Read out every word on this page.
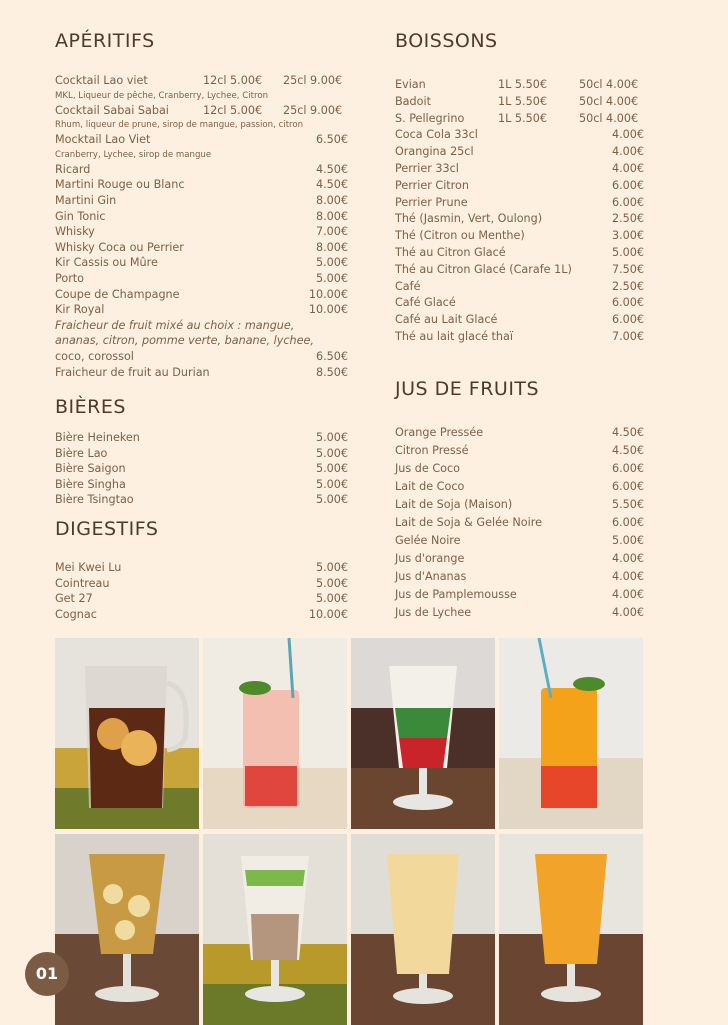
APÉRITIFS
Cocktail Lao viet	12cl 5.00€ 25cl 9.00€
MKL, Liqueur de pêche, Cranberry, Lychee, Citron
Cocktail Sabai Sabai	12cl 5.00€ 25cl 9.00€
Rhum, liqueur de prune, sirop de mangue, passion, citron
Mocktail Lao Viet	6.50€
Cranberry, Lychee, sirop de mangue
Ricard	4.50€
Martini Rouge ou Blanc	4.50€
Martini Gin	8.00€
Gin Tonic	8.00€
Whisky	7.00€
Whisky Coca ou Perrier	8.00€
Kir Cassis ou Mûre	5.00€
Porto	5.00€
Coupe de Champagne	10.00€
Kir Royal	10.00€
Fraicheur de fruit mixé au choix : mangue,
ananas, citron, pomme verte, banane, lychee,
coco, corossol	6.50€
Fraicheur de fruit au Durian	8.50€
BIÈRES
Bière Heineken	5.00€
Bière Lao	5.00€
Bière Saigon	5.00€
Bière Singha	5.00€
Bière Tsingtao	5.00€
DIGESTIFS
Mei Kwei Lu	5.00€
Cointreau	5.00€
Get 27	5.00€
Cognac	10.00€
BOISSONS
Evian	1L 5.50€	50cl 4.00€
Badoit	1L 5.50€	50cl 4.00€
S. Pellegrino	1L 5.50€	50cl 4.00€
Coca Cola 33cl	4.00€
Orangina 25cl	4.00€
Perrier 33cl	4.00€
Perrier Citron	6.00€
Perrier Prune	6.00€
Thé (Jasmin, Vert, Oulong)	2.50€
Thé (Citron ou Menthe)	3.00€
Thé au Citron Glacé	5.00€
Thé au Citron Glacé (Carafe 1L)	7.50€
Café	2.50€
Café Glacé	6.00€
Café au Lait Glacé	6.00€
Thé au lait glacé thaï	7.00€
JUS DE FRUITS
Orange Pressée	4.50€
Citron Pressé	4.50€
Jus de Coco	6.00€
Lait de Coco	6.00€
Lait de Soja (Maison)	5.50€
Lait de Soja & Gelée Noire	6.00€
Gelée Noire	5.00€
Jus d'orange	4.00€
Jus d'Ananas	4.00€
Jus de Pamplemousse	4.00€
Jus de Lychee	4.00€
01
